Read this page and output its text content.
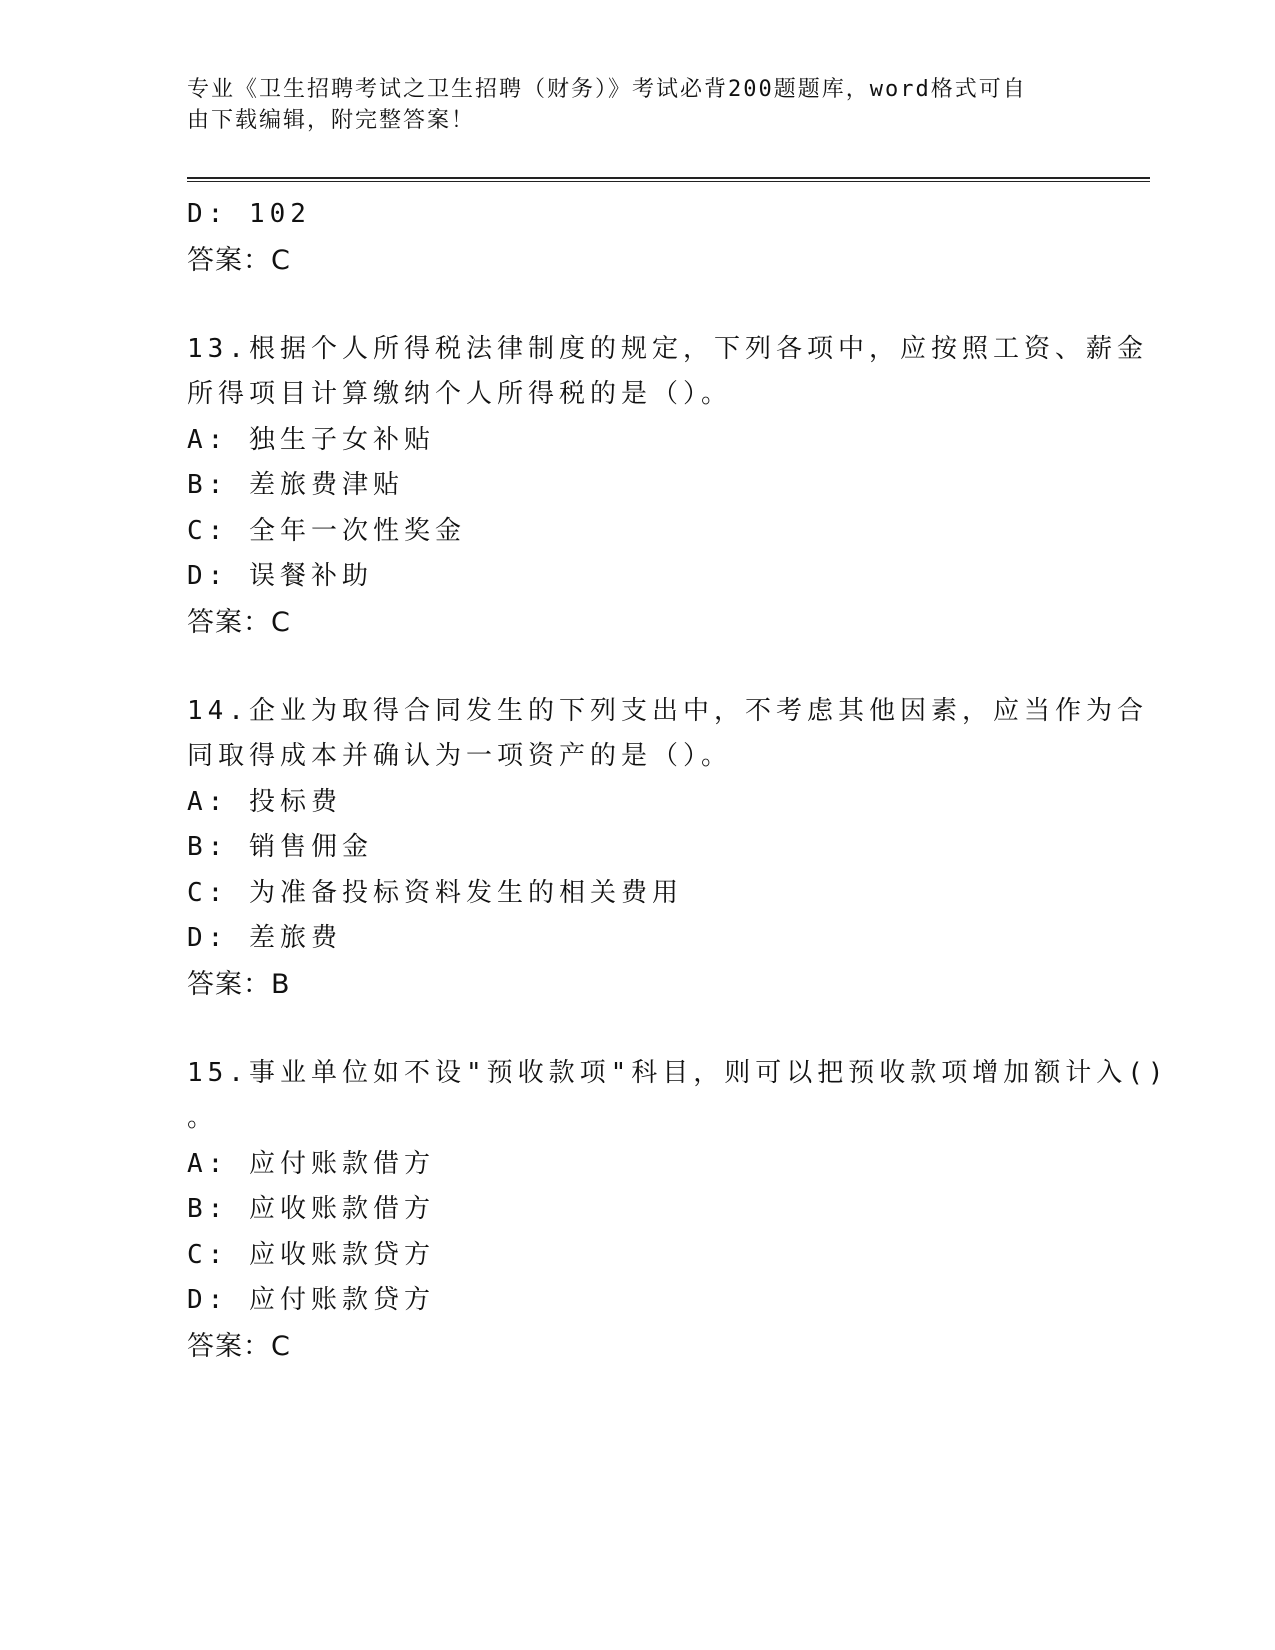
专业《卫生招聘考试之卫生招聘（财务）》考试必背200题题库，word格式可自
由下载编辑，附完整答案！
D: 102
答案：C
13.根据个人所得税法律制度的规定，下列各项中，应按照工资、薪金
所得项目计算缴纳个人所得税的是（）。
A: 独生子女补贴
B: 差旅费津贴
C: 全年一次性奖金
D: 误餐补助
答案：C
14.企业为取得合同发生的下列支出中，不考虑其他因素，应当作为合
同取得成本并确认为一项资产的是（）。
A: 投标费
B: 销售佣金
C: 为准备投标资料发生的相关费用
D: 差旅费
答案：B
15.事业单位如不设"预收款项"科目，则可以把预收款项增加额计入()
。
A: 应付账款借方
B: 应收账款借方
C: 应收账款贷方
D: 应付账款贷方
答案：C
